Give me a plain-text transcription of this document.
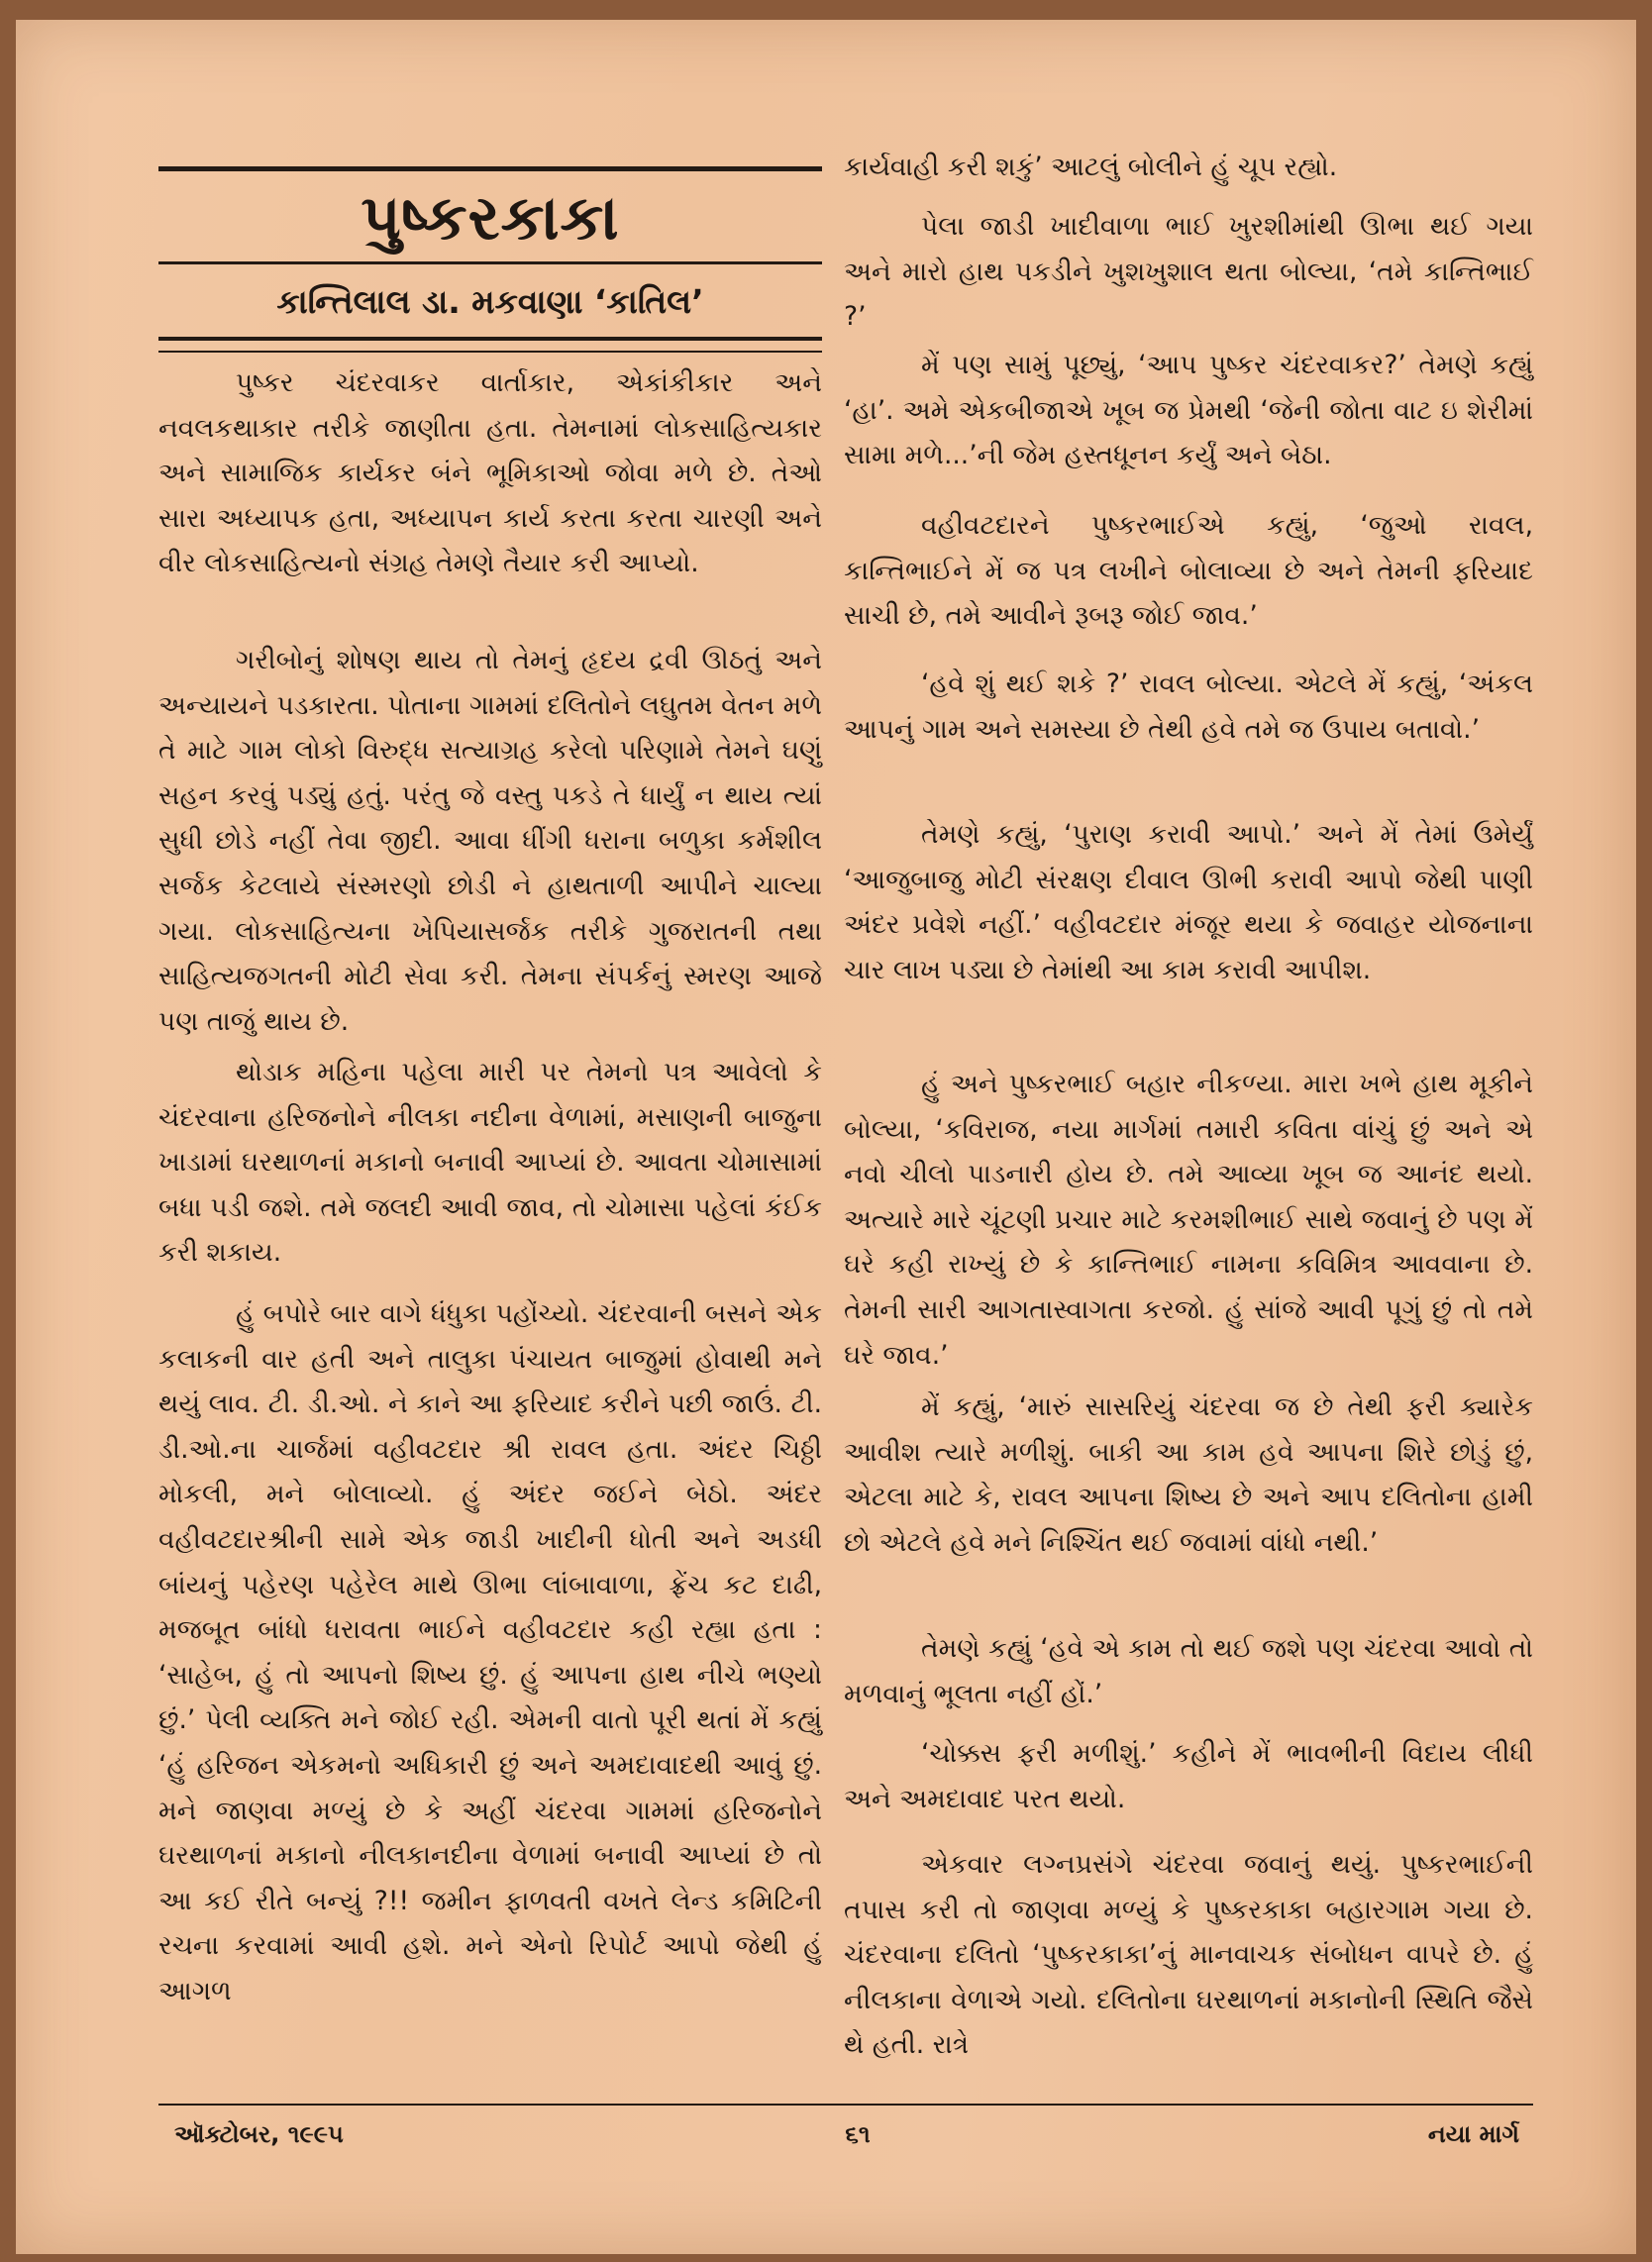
પુષ્કરકાકા
કાન્તિલાલ ડા. મકવાણા ‘કાતિલ’

પુષ્કર ચંદરવાકર વાર્તાકાર, એકાંકીકાર અને નવલકથાકાર તરીકે જાણીતા હતા. તેમનામાં લોકસાહિત્યકાર અને સામાજિક કાર્યકર બંને ભૂમિકાઓ જોવા મળે છે. તેઓ સારા અધ્યાપક હતા, અધ્યાપન કાર્ય કરતા કરતા ચારણી અને વીર લોકસાહિત્યનો સંગ્રહ તેમણે તૈયાર કરી આપ્યો.

ગરીબોનું શોષણ થાય તો તેમનું હૃદય દ્રવી ઊઠતું અને અન્યાયને પડકારતા. પોતાના ગામમાં દલિતોને લઘુતમ વેતન મળે તે માટે ગામ લોકો વિરુદ્ધ સત્યાગ્રહ કરેલો પરિણામે તેમને ઘણું સહન કરવું પડ્યું હતું. પરંતુ જે વસ્તુ પકડે તે ધાર્યું ન થાય ત્યાં સુધી છોડે નહીં તેવા જીદી. આવા ધીંગી ધરાના બળુકા કર્મશીલ સર્જક કેટલાયે સંસ્મરણો છોડી ને હાથતાળી આપીને ચાલ્યા ગયા. લોકસાહિત્યના ખેપિયાસર્જક તરીકે ગુજરાતની તથા સાહિત્યજગતની મોટી સેવા કરી. તેમના સંપર્કનું સ્મરણ આજે પણ તાજું થાય છે.

થોડાક મહિના પહેલા મારી પર તેમનો પત્ર આવેલો કે ચંદરવાના હરિજનોને નીલકા નદીના વેળામાં, મસાણની બાજુના ખાડામાં ઘરથાળનાં મકાનો બનાવી આપ્યાં છે. આવતા ચોમાસામાં બધા પડી જશે. તમે જલદી આવી જાવ, તો ચોમાસા પહેલાં કંઈક કરી શકાય.

હું બપોરે બાર વાગે ધંધુકા પહોંચ્યો. ચંદરવાની બસને એક કલાકની વાર હતી અને તાલુકા પંચાયત બાજુમાં હોવાથી મને થયું લાવ. ટી. ડી.ઓ. ને કાને આ ફરિયાદ કરીને પછી જાઉં. ટી. ડી.ઓ.ના ચાર્જમાં વહીવટદાર શ્રી રાવલ હતા. અંદર ચિઠ્ઠી મોકલી, મને બોલાવ્યો. હું અંદર જઈને બેઠો. અંદર વહીવટદારશ્રીની સામે એક જાડી ખાદીની ધોતી અને અડધી બાંયનું પહેરણ પહેરેલ માથે ઊભા લાંબાવાળા, ફ્રેંચ કટ દાઢી, મજબૂત બાંધો ધરાવતા ભાઈને વહીવટદાર કહી રહ્યા હતા : ‘સાહેબ, હું તો આપનો શિષ્ય છું. હું આપના હાથ નીચે ભણ્યો છું.’ પેલી વ્યક્તિ મને જોઈ રહી. એમની વાતો પૂરી થતાં મેં કહ્યું ‘હું હરિજન એકમનો અધિકારી છું અને અમદાવાદથી આવું છું. મને જાણવા મળ્યું છે કે અહીં ચંદરવા ગામમાં હરિજનોને ઘરથાળનાં મકાનો નીલકાનદીના વેળામાં બનાવી આપ્યાં છે તો આ કઈ રીતે બન્યું ?!! જમીન ફાળવતી વખતે લેન્ડ કમિટિની રચના કરવામાં આવી હશે. મને એનો રિપોર્ટ આપો જેથી હું આગળ

કાર્યવાહી કરી શકું’ આટલું બોલીને હું ચૂપ રહ્યો.

પેલા જાડી ખાદીવાળા ભાઈ ખુરશીમાંથી ઊભા થઈ ગયા અને મારો હાથ પકડીને ખુશખુશાલ થતા બોલ્યા, ‘તમે કાન્તિભાઈ ?’

મેં પણ સામું પૂછ્યું, ‘આપ પુષ્કર ચંદરવાકર?’ તેમણે કહ્યું ‘હા’. અમે એકબીજાએ ખૂબ જ પ્રેમથી ‘જેની જોતા વાટ ઇ શેરીમાં સામા મળે...’ની જેમ હસ્તધૂનન કર્યું અને બેઠા.

વહીવટદારને પુષ્કરભાઈએ કહ્યું, ‘જુઓ રાવલ, કાન્તિભાઈને મેં જ પત્ર લખીને બોલાવ્યા છે અને તેમની ફરિયાદ સાચી છે, તમે આવીને રૂબરૂ જોઈ જાવ.’

‘હવે શું થઈ શકે ?’ રાવલ બોલ્યા. એટલે મેં કહ્યું, ‘અંકલ આપનું ગામ અને સમસ્યા છે તેથી હવે તમે જ ઉપાય બતાવો.’

તેમણે કહ્યું, ‘પુરાણ કરાવી આપો.’ અને મેં તેમાં ઉમેર્યું ‘આજુબાજુ મોટી સંરક્ષણ દીવાલ ઊભી કરાવી આપો જેથી પાણી અંદર પ્રવેશે નહીં.’ વહીવટદાર મંજૂર થયા કે જવાહર યોજનાના ચાર લાખ પડ્યા છે તેમાંથી આ કામ કરાવી આપીશ.

હું અને પુષ્કરભાઈ બહાર નીકળ્યા. મારા ખભે હાથ મૂકીને બોલ્યા, ‘કવિરાજ, નયા માર્ગમાં તમારી કવિતા વાંચું છું અને એ નવો ચીલો પાડનારી હોય છે. તમે આવ્યા ખૂબ જ આનંદ થયો. અત્યારે મારે ચૂંટણી પ્રચાર માટે કરમશીભાઈ સાથે જવાનું છે પણ મેં ઘરે કહી રાખ્યું છે કે કાન્તિભાઈ નામના કવિમિત્ર આવવાના છે. તેમની સારી આગતાસ્વાગતા કરજો. હું સાંજે આવી પૂગું છું તો તમે ઘરે જાવ.’

મેં કહ્યું, ‘મારું સાસરિયું ચંદરવા જ છે તેથી ફરી ક્યારેક આવીશ ત્યારે મળીશું. બાકી આ કામ હવે આપના શિરે છોડું છું, એટલા માટે કે, રાવલ આપના શિષ્ય છે અને આપ દલિતોના હામી છો એટલે હવે મને નિશ્ચિંત થઈ જવામાં વાંધો નથી.’

તેમણે કહ્યું ‘હવે એ કામ તો થઈ જશે પણ ચંદરવા આવો તો મળવાનું ભૂલતા નહીં હોં.’

‘ચોક્કસ ફરી મળીશું.’ કહીને મેં ભાવભીની વિદાય લીધી અને અમદાવાદ પરત થયો.

એકવાર લગ્નપ્રસંગે ચંદરવા જવાનું થયું. પુષ્કરભાઈની તપાસ કરી તો જાણવા મળ્યું કે પુષ્કરકાકા બહારગામ ગયા છે. ચંદરવાના દલિતો ‘પુષ્કરકાકા’નું માનવાચક સંબોધન વાપરે છે. હું નીલકાના વેળાએ ગયો. દલિતોના ઘરથાળનાં મકાનોની સ્થિતિ જૈસે થે હતી. રાત્રે

ઑક્ટોબર, ૧૯૯૫	૬૧	નયા માર્ગ
